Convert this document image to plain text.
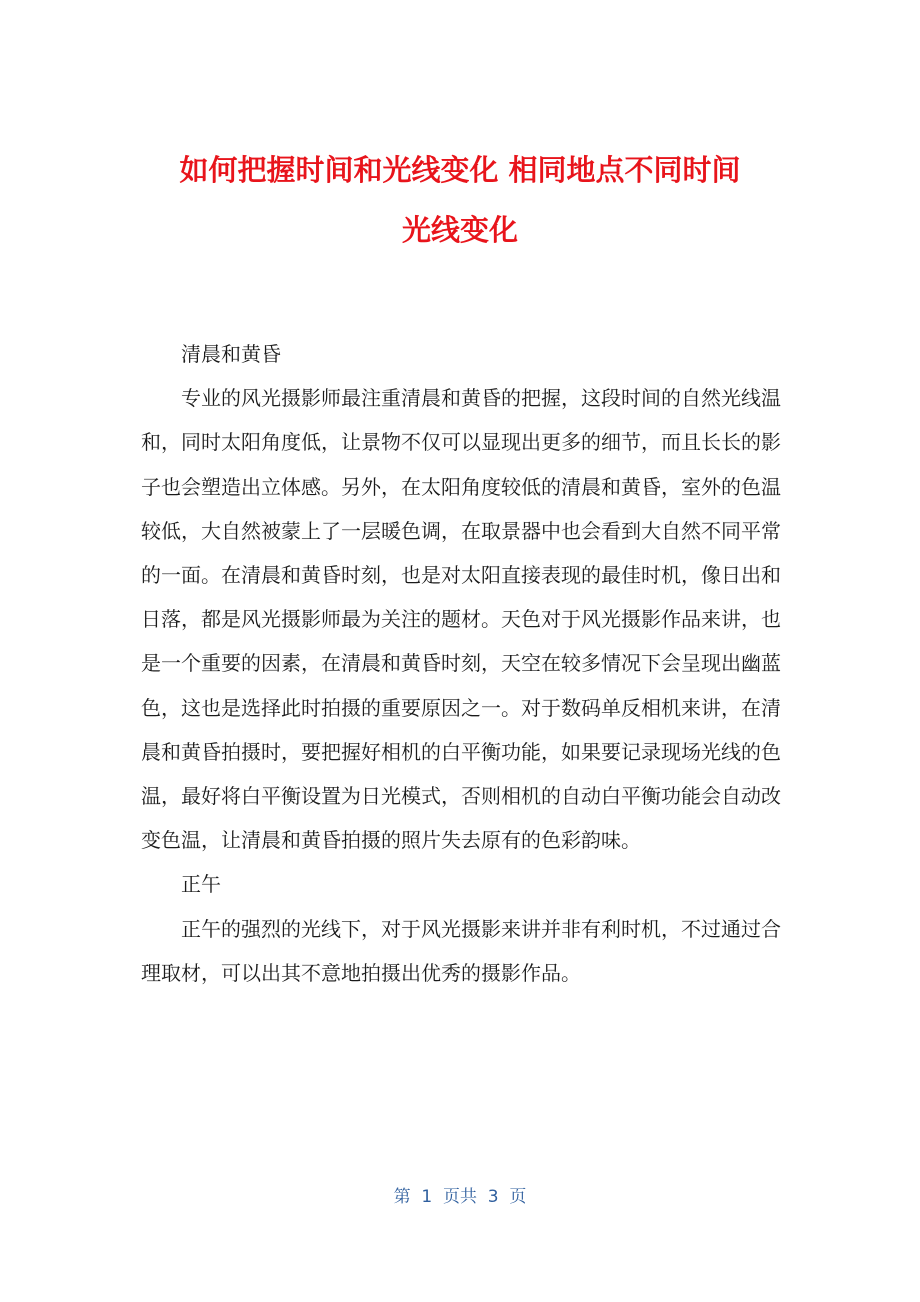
如何把握时间和光线变化 相同地点不同时间
光线变化

清晨和黄昏

专业的风光摄影师最注重清晨和黄昏的把握，这段时间的自然光线温和，同时太阳角度低，让景物不仅可以显现出更多的细节，而且长长的影子也会塑造出立体感。另外，在太阳角度较低的清晨和黄昏，室外的色温较低，大自然被蒙上了一层暖色调，在取景器中也会看到大自然不同平常的一面。在清晨和黄昏时刻，也是对太阳直接表现的最佳时机，像日出和日落，都是风光摄影师最为关注的题材。天色对于风光摄影作品来讲，也是一个重要的因素，在清晨和黄昏时刻，天空在较多情况下会呈现出幽蓝色，这也是选择此时拍摄的重要原因之一。对于数码单反相机来讲，在清晨和黄昏拍摄时，要把握好相机的白平衡功能，如果要记录现场光线的色温，最好将白平衡设置为日光模式，否则相机的自动白平衡功能会自动改变色温，让清晨和黄昏拍摄的照片失去原有的色彩韵味。

正午

正午的强烈的光线下，对于风光摄影来讲并非有利时机，不过通过合理取材，可以出其不意地拍摄出优秀的摄影作品。

第  1  页共  3  页
